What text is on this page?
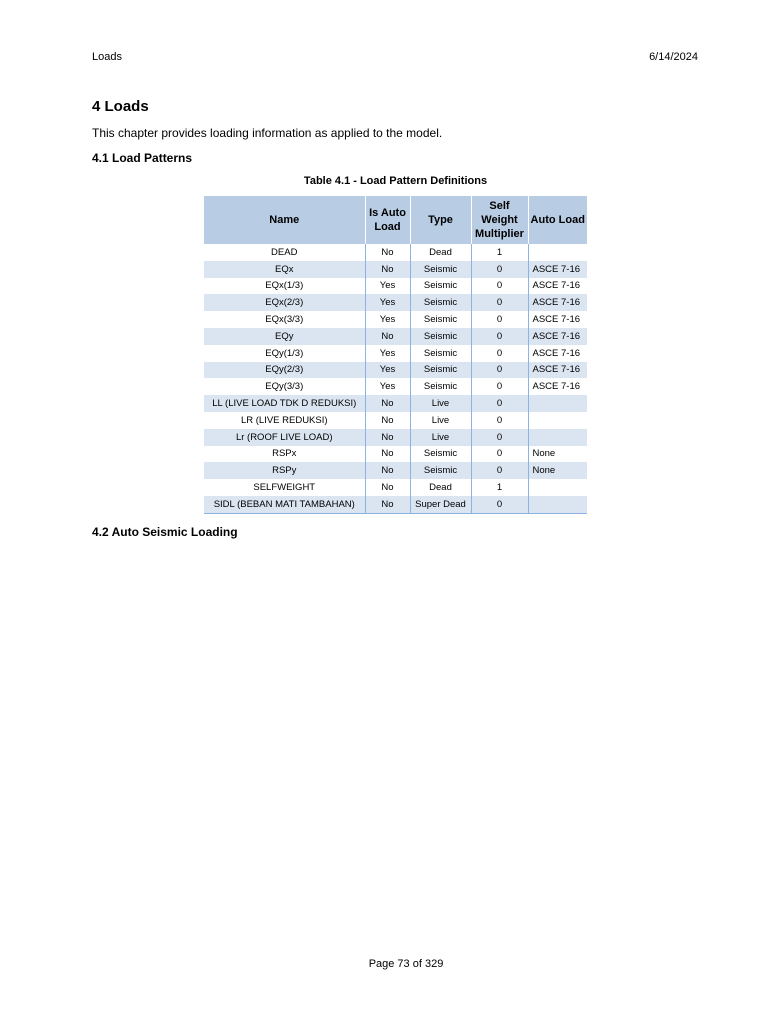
Loads	6/14/2024
4 Loads

This chapter provides loading information as applied to the model.

4.1 Load Patterns
Table 4.1 - Load Pattern Definitions
Name	Is Auto Load	Type	Self Weight Multiplier	Auto Load
DEAD	No	Dead	1	
EQx	No	Seismic	0	ASCE 7-16
EQx(1/3)	Yes	Seismic	0	ASCE 7-16
EQx(2/3)	Yes	Seismic	0	ASCE 7-16
EQx(3/3)	Yes	Seismic	0	ASCE 7-16
EQy	No	Seismic	0	ASCE 7-16
EQy(1/3)	Yes	Seismic	0	ASCE 7-16
EQy(2/3)	Yes	Seismic	0	ASCE 7-16
EQy(3/3)	Yes	Seismic	0	ASCE 7-16
LL (LIVE LOAD TDK D REDUKSI)	No	Live	0	
LR (LIVE REDUKSI)	No	Live	0	
Lr (ROOF LIVE LOAD)	No	Live	0	
RSPx	No	Seismic	0	None
RSPy	No	Seismic	0	None
SELFWEIGHT	No	Dead	1	
SIDL (BEBAN MATI TAMBAHAN)	No	Super Dead	0	
4.2 Auto Seismic Loading
Page 73 of 329
